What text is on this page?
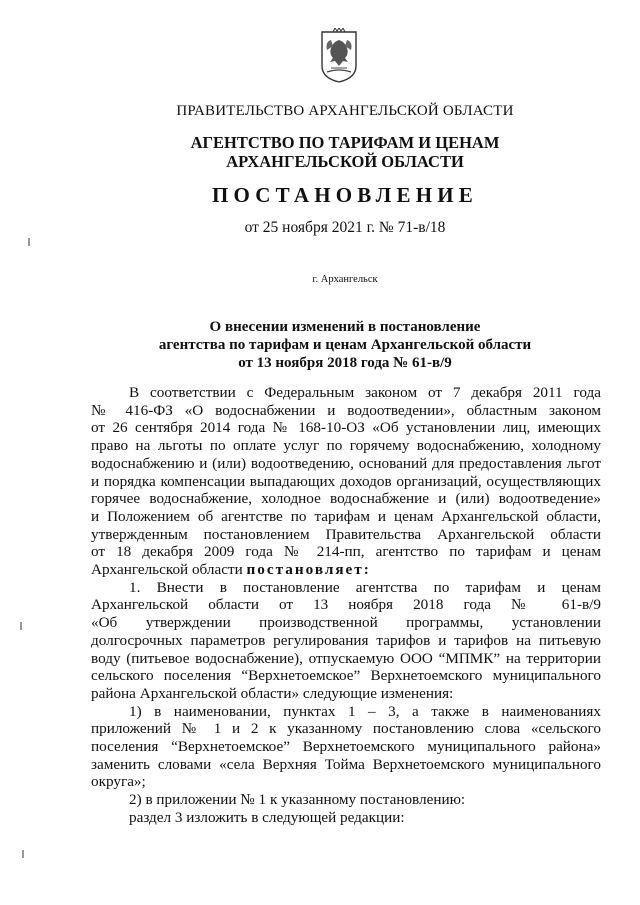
ПРАВИТЕЛЬСТВО АРХАНГЕЛЬСКОЙ ОБЛАСТИ
АГЕНТСТВО ПО ТАРИФАМ И ЦЕНАМ
АРХАНГЕЛЬСКОЙ ОБЛАСТИ
ПОСТАНОВЛЕНИЕ
от 25 ноября 2021 г. № 71-в/18
г. Архангельск
О внесении изменений в постановление
агентства по тарифам и ценам Архангельской области
от 13 ноября 2018 года № 61-в/9

В соответствии с Федеральным законом от 7 декабря 2011 года
№ 416-ФЗ «О водоснабжении и водоотведении», областным законом
от 26 сентября 2014 года № 168-10-ОЗ «Об установлении лиц, имеющих
право на льготы по оплате услуг по горячему водоснабжению, холодному
водоснабжению и (или) водоотведению, оснований для предоставления льгот
и порядка компенсации выпадающих доходов организаций, осуществляющих
горячее водоснабжение, холодное водоснабжение и (или) водоотведение»
и Положением об агентстве по тарифам и ценам Архангельской области,
утвержденным постановлением Правительства Архангельской области
от 18 декабря 2009 года № 214-пп, агентство по тарифам и ценам
Архангельской области постановляет:

1. Внести в постановление агентства по тарифам и ценам
Архангельской области от 13 ноября 2018 года № 61-в/9
«Об утверждении производственной программы, установлении
долгосрочных параметров регулирования тарифов и тарифов на питьевую
воду (питьевое водоснабжение), отпускаемую ООО “МПМК” на территории
сельского поселения “Верхнетоемское” Верхнетоемского муниципального
района Архангельской области» следующие изменения:

1) в наименовании, пунктах 1 – 3, а также в наименованиях
приложений № 1 и 2 к указанному постановлению слова «сельского
поселения “Верхнетоемское” Верхнетоемского муниципального района»
заменить словами «села Верхняя Тойма Верхнетоемского муниципального
округа»;

2) в приложении № 1 к указанному постановлению:

раздел 3 изложить в следующей редакции:
